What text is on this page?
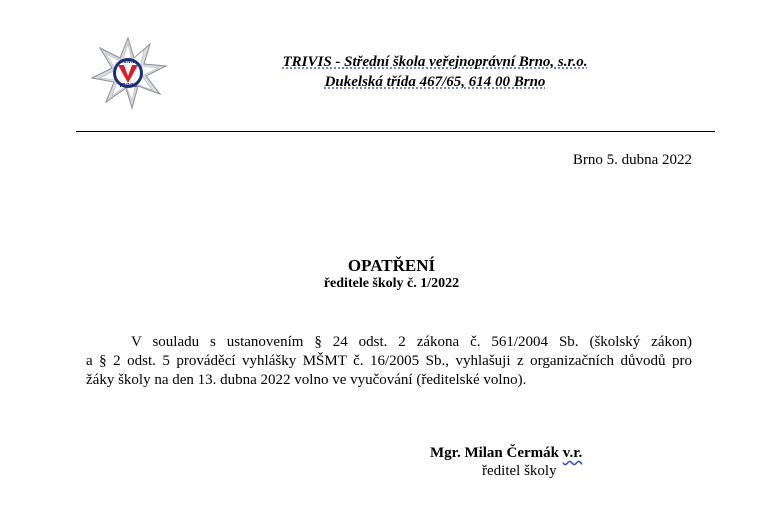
TRIVIS
TRIVIS
TRIVIS - Střední škola veřejnoprávní Brno, s.r.o.
Dukelská třída 467/65, 614 00 Brno
Brno 5. dubna 2022
OPATŘENÍ
ředitele školy č. 1/2022
V souladu s ustanovením § 24 odst. 2 zákona č. 561/2004 Sb. (školský zákon)
a § 2 odst. 5 prováděcí vyhlášky MŠMT č. 16/2005 Sb., vyhlašuji z organizačních důvodů pro
žáky školy na den 13. dubna 2022 volno ve vyučování (ředitelské volno).
Mgr. Milan Čermák v.r.
ředitel školy
